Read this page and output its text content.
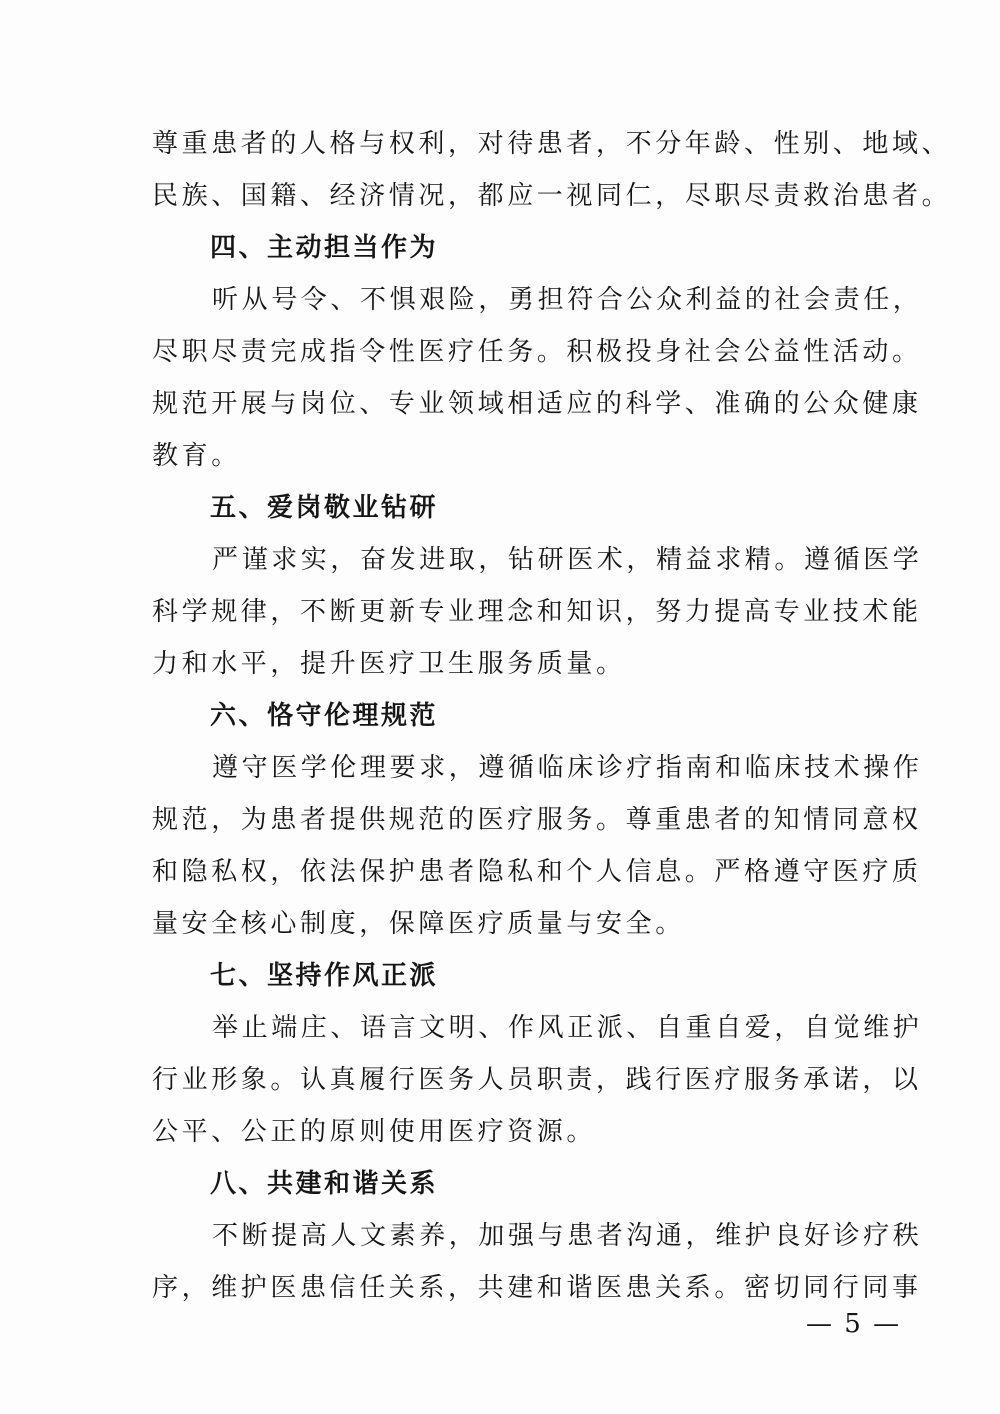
尊重患者的人格与权利，对待患者，不分年龄、性别、地域、
民族、国籍、经济情况，都应一视同仁，尽职尽责救治患者。
四、主动担当作为
听从号令、不惧艰险，勇担符合公众利益的社会责任，
尽职尽责完成指令性医疗任务。积极投身社会公益性活动。
规范开展与岗位、专业领域相适应的科学、准确的公众健康
教育。
五、爱岗敬业钻研
严谨求实，奋发进取，钻研医术，精益求精。遵循医学
科学规律，不断更新专业理念和知识，努力提高专业技术能
力和水平，提升医疗卫生服务质量。
六、恪守伦理规范
遵守医学伦理要求，遵循临床诊疗指南和临床技术操作
规范，为患者提供规范的医疗服务。尊重患者的知情同意权
和隐私权，依法保护患者隐私和个人信息。严格遵守医疗质
量安全核心制度，保障医疗质量与安全。
七、坚持作风正派
举止端庄、语言文明、作风正派、自重自爱，自觉维护
行业形象。认真履行医务人员职责，践行医疗服务承诺，以
公平、公正的原则使用医疗资源。
八、共建和谐关系
不断提高人文素养，加强与患者沟通，维护良好诊疗秩
序，维护医患信任关系，共建和谐医患关系。密切同行同事
— 5 —
